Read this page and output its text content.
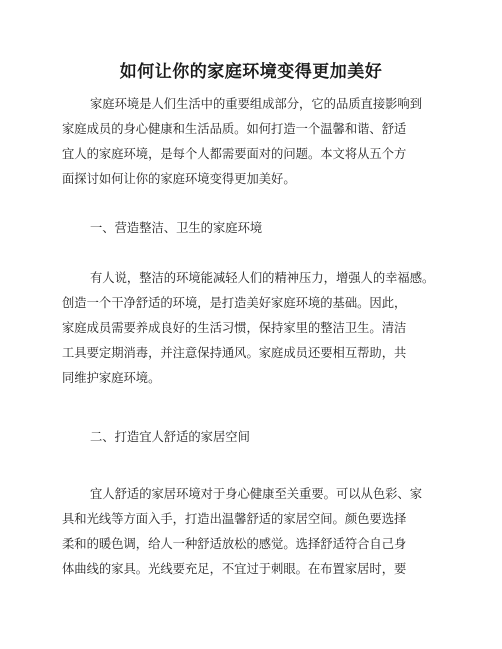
如何让你的家庭环境变得更加美好
家庭环境是人们生活中的重要组成部分，它的品质直接影响到
家庭成员的身心健康和生活品质。如何打造一个温馨和谐、舒适
宜人的家庭环境，是每个人都需要面对的问题。本文将从五个方
面探讨如何让你的家庭环境变得更加美好。
一、营造整洁、卫生的家庭环境
有人说，整洁的环境能减轻人们的精神压力，增强人的幸福感。
创造一个干净舒适的环境，是打造美好家庭环境的基础。因此，
家庭成员需要养成良好的生活习惯，保持家里的整洁卫生。清洁
工具要定期消毒，并注意保持通风。家庭成员还要相互帮助，共
同维护家庭环境。
二、打造宜人舒适的家居空间
宜人舒适的家居环境对于身心健康至关重要。可以从色彩、家
具和光线等方面入手，打造出温馨舒适的家居空间。颜色要选择
柔和的暖色调，给人一种舒适放松的感觉。选择舒适符合自己身
体曲线的家具。光线要充足，不宜过于刺眼。在布置家居时，要
